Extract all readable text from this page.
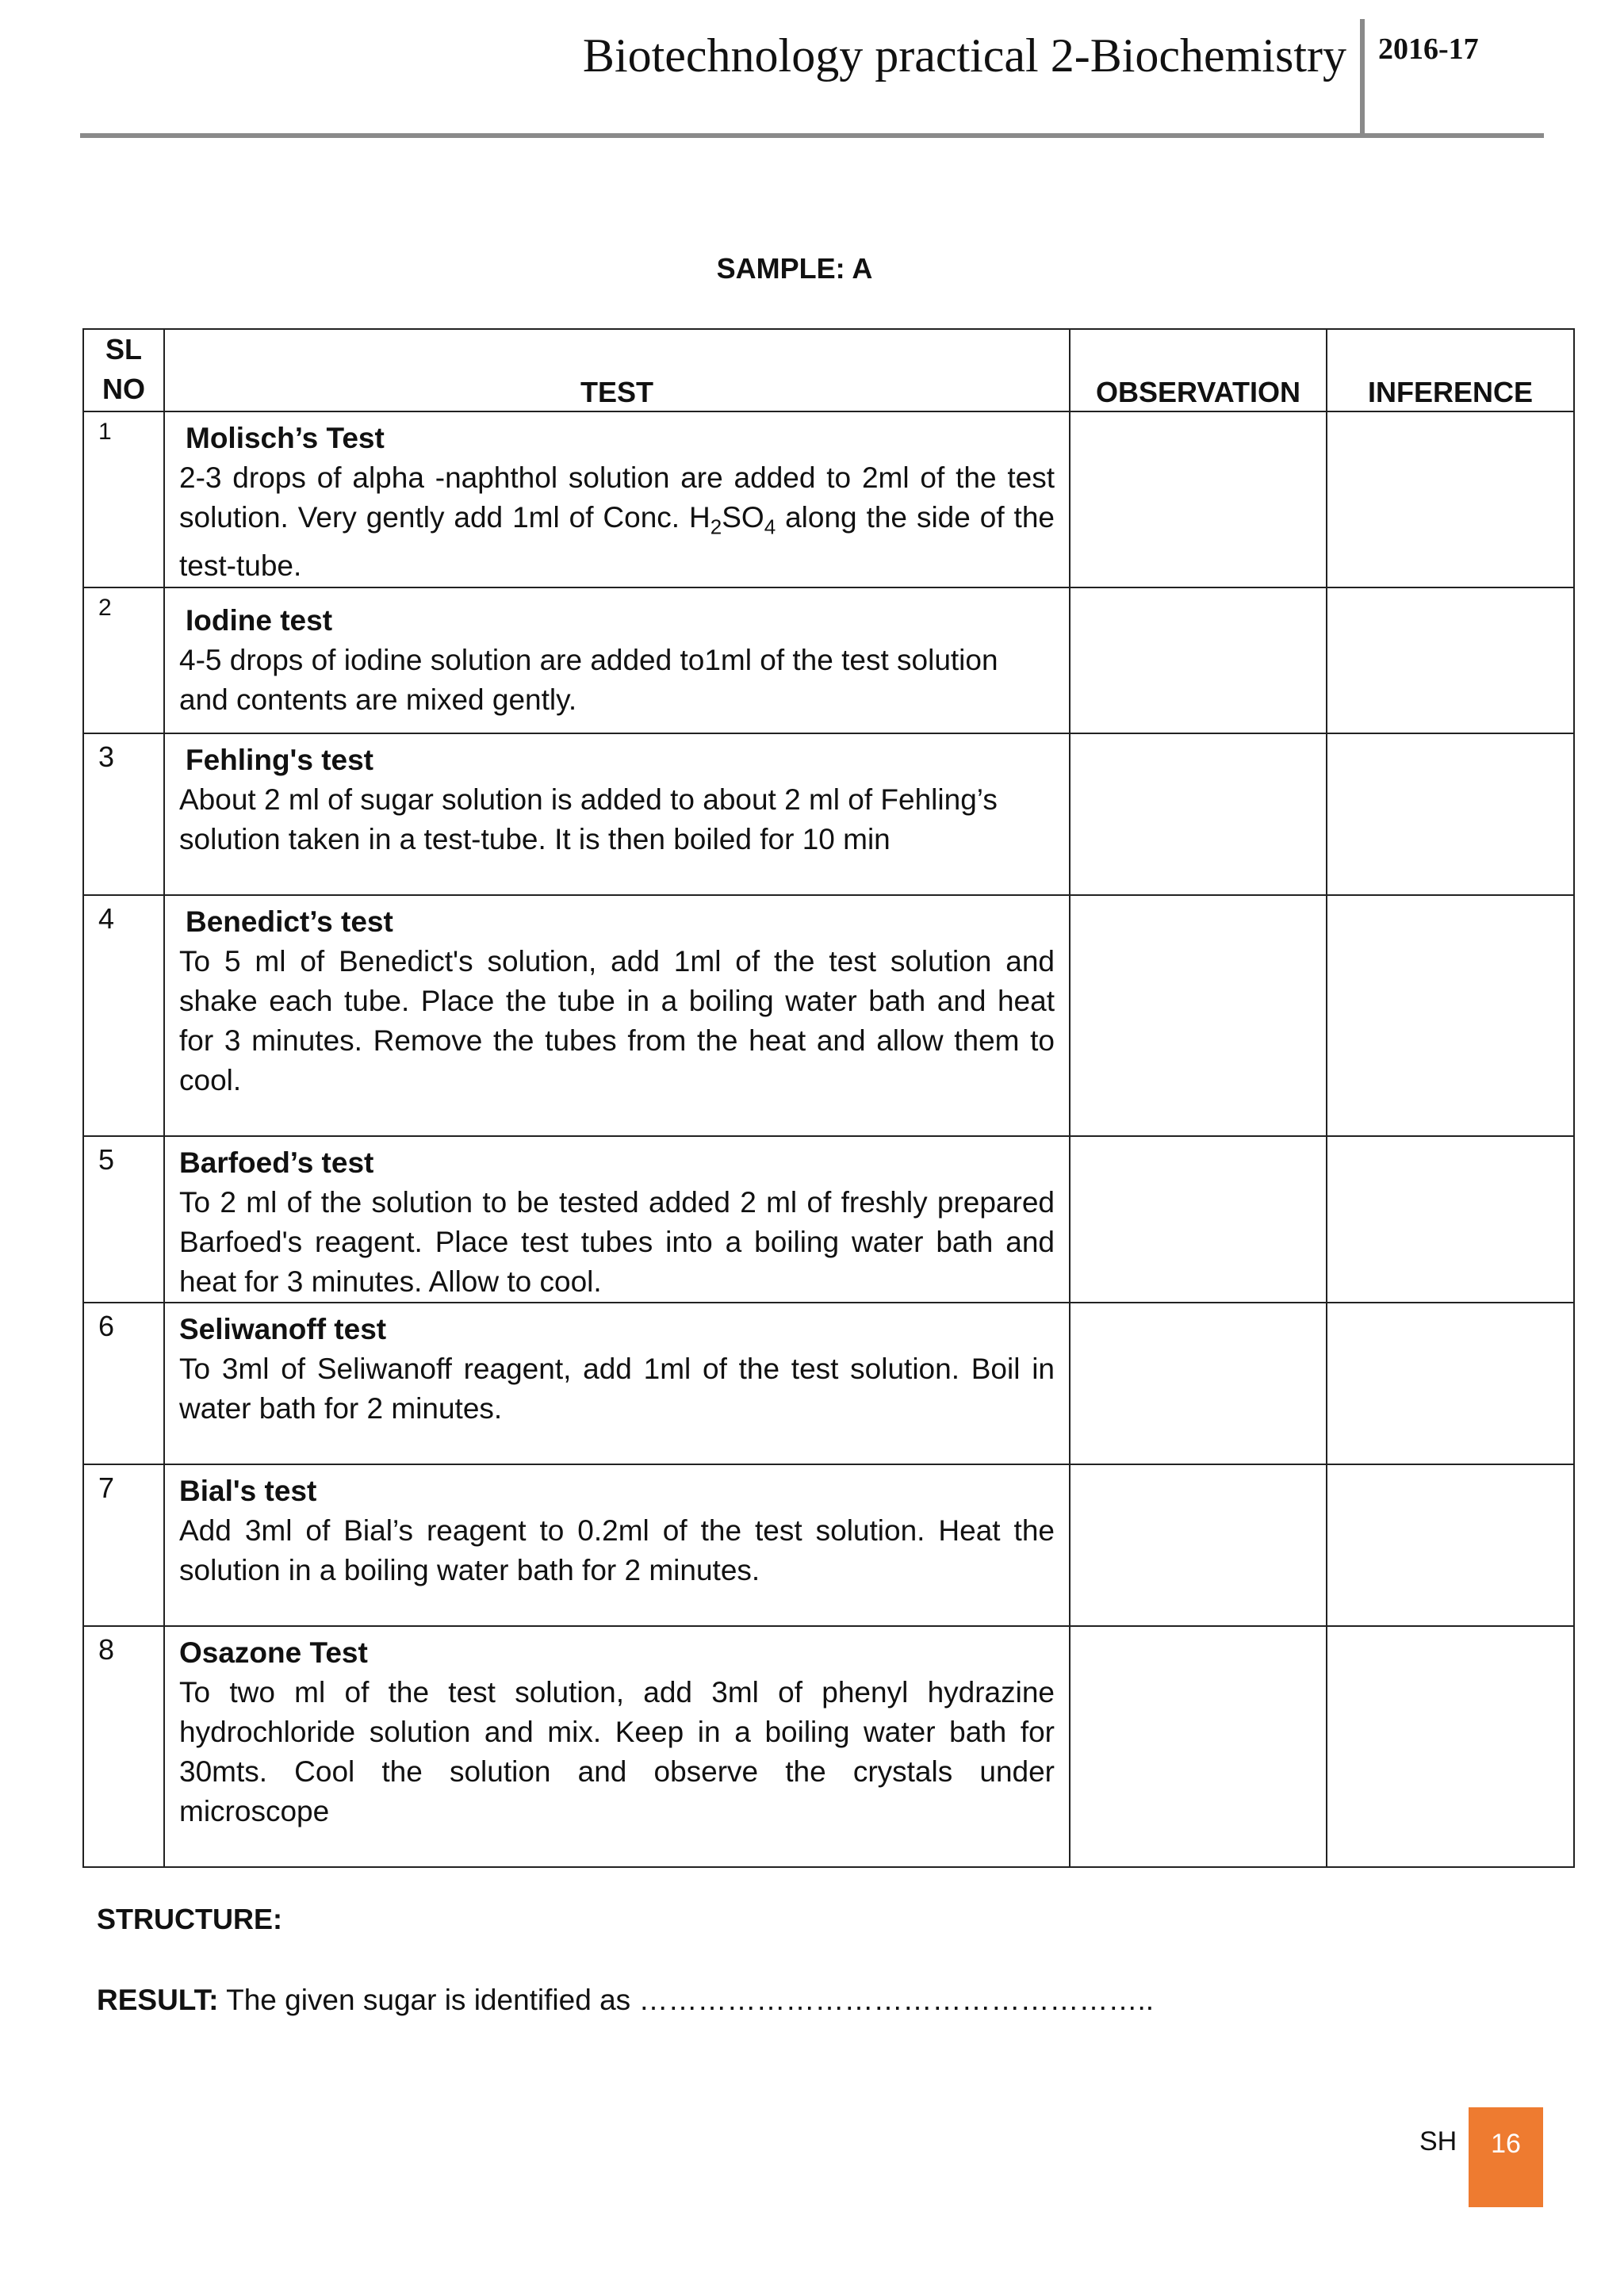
Biotechnology practical 2-Biochemistry 2016-17
SAMPLE: A
SL
NO	TEST	OBSERVATION	INFERENCE
1	Molisch’s Test
2-3 drops of alpha -naphthol solution are added to 2ml of the test solution. Very gently add 1ml of Conc. $H_2SO_4$ along the side of the test-tube.		

2	Iodine test
4-5 drops of iodine solution are added to1ml of the test solution and contents are mixed gently.		

3	Fehling's test
About 2 ml of sugar solution is added to about 2 ml of Fehling’s solution taken in a test-tube. It is then boiled for 10 min		

4	Benedict’s test
To 5 ml of Benedict's solution, add 1ml of the test solution and shake each tube. Place the tube in a boiling water bath and heat for 3 minutes. Remove the tubes from the heat and allow them to cool.		

5	Barfoed’s test
To 2 ml of the solution to be tested added 2 ml of freshly prepared Barfoed's reagent. Place test tubes into a boiling water bath and heat for 3 minutes. Allow to cool.		

6	Seliwanoff test
To 3ml of Seliwanoff reagent, add 1ml of the test solution. Boil in water bath for 2 minutes.		

7	Bial's test
Add 3ml of Bial’s reagent to 0.2ml of the test solution. Heat the solution in a boiling water bath for 2 minutes.		

8	Osazone Test
To two ml of the test solution, add 3ml of phenyl hydrazine hydrochloride solution and mix. Keep in a boiling water bath for 30mts. Cool the solution and observe the crystals under microscope		

STRUCTURE:
RESULT: The given sugar is identified as ……………………………………………..
SH	16
